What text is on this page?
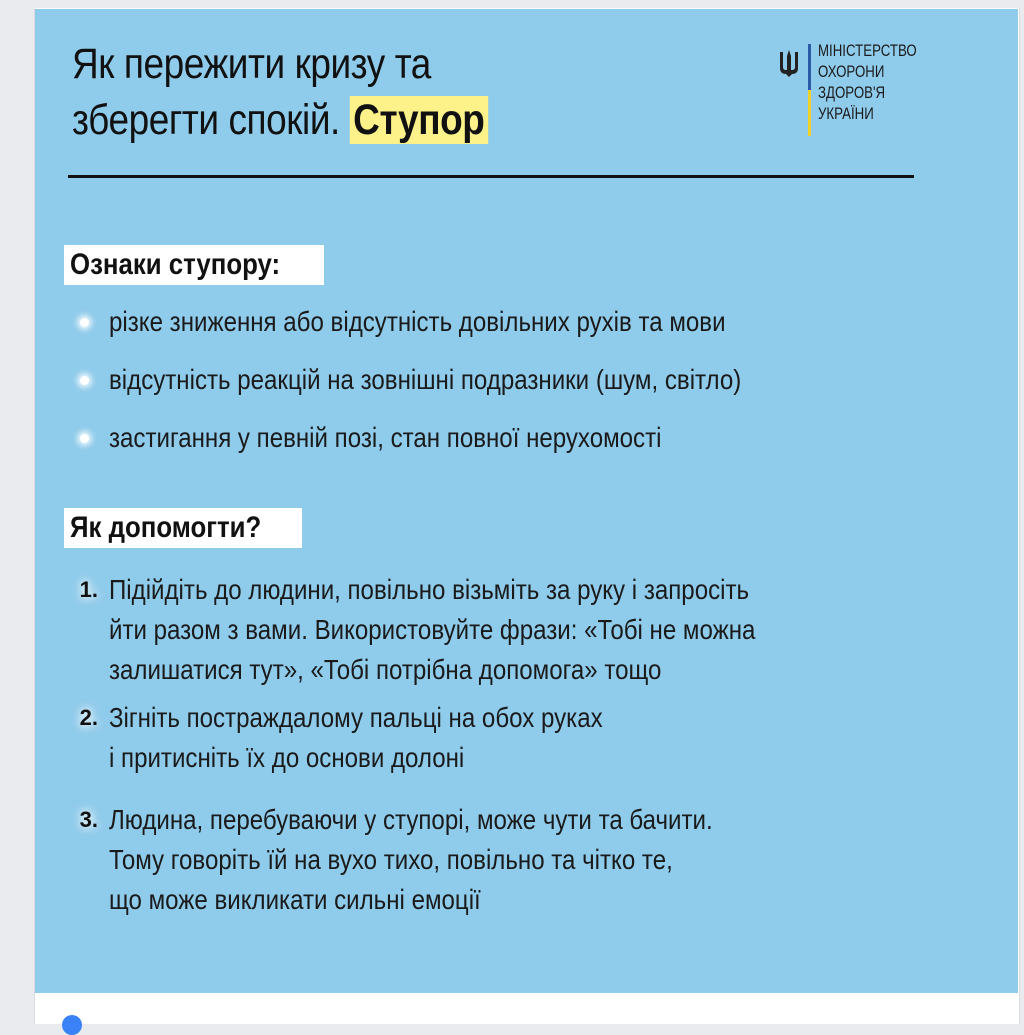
Як пережити кризу та
зберегти спокій. Ступор
МІНІСТЕРСТВО
ОХОРОНИ
ЗДОРОВ'Я
УКРАЇНИ
Ознаки ступору:
різке зниження або відсутність довільних рухів та мови
відсутність реакцій на зовнішні подразники (шум, світло)
застигання у певній позі, стан повної нерухомості
Як допомогти?
1. Підійдіть до людини, повільно візьміть за руку і запросіть
йти разом з вами. Використовуйте фрази: «Тобі не можна
залишатися тут», «Тобі потрібна допомога» тощо
2. Зігніть постраждалому пальці на обох руках
і притисніть їх до основи долоні
3. Людина, перебуваючи у ступорі, може чути та бачити.
Тому говоріть їй на вухо тихо, повільно та чітко те,
що може викликати сильні емоції
